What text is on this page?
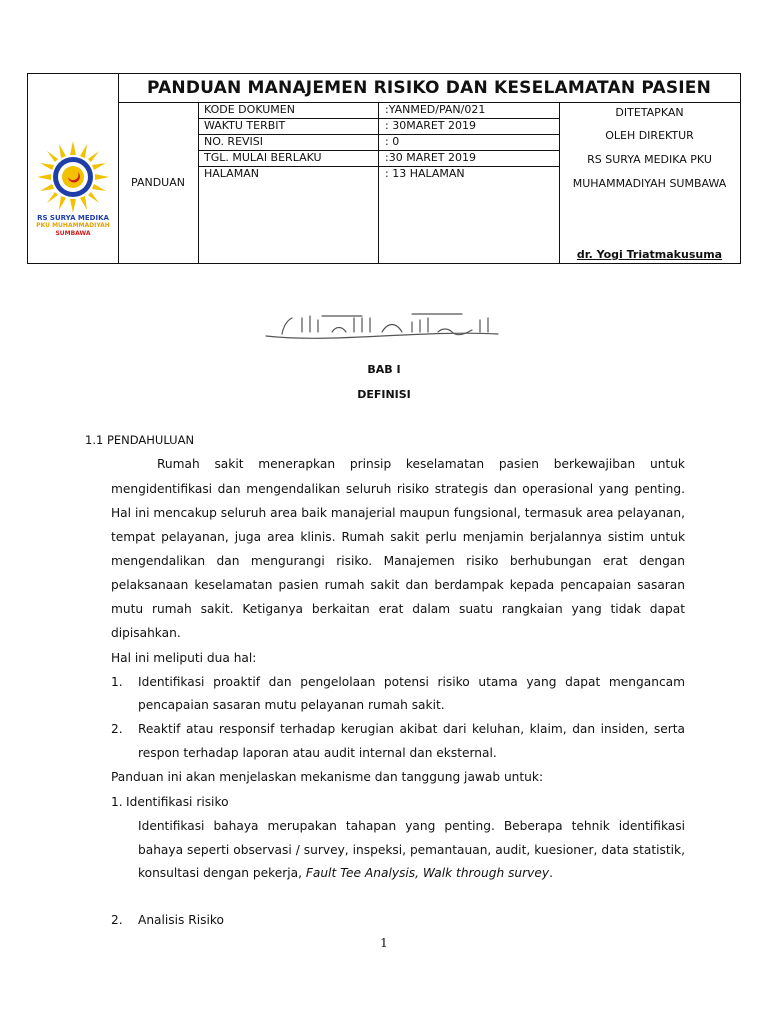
RS SURYA MEDIKA
PKU MUHAMMADIYAH
SUMBAWA
PANDUAN MANAJEMEN RISIKO DAN KESELAMATAN PASIEN
PANDUAN
KODE DOKUMEN	:YANMED/PAN/021
WAKTU TERBIT	: 30MARET 2019
NO. REVISI	: 0
TGL. MULAI BERLAKU	:30 MARET 2019
HALAMAN	: 13 HALAMAN
DITETAPKAN
OLEH DIREKTUR
RS SURYA MEDIKA PKU
MUHAMMADIYAH SUMBAWA
dr. Yogi Triatmakusuma
BAB I
DEFINISI
1.1 PENDAHULUAN
Rumah sakit menerapkan prinsip keselamatan pasien berkewajiban untuk
mengidentifikasi dan mengendalikan seluruh risiko strategis dan operasional yang penting.
Hal ini mencakup seluruh area baik manajerial maupun fungsional, termasuk area pelayanan,
tempat pelayanan, juga area klinis. Rumah sakit perlu menjamin berjalannya sistim untuk
mengendalikan dan mengurangi risiko. Manajemen risiko berhubungan erat dengan
pelaksanaan keselamatan pasien rumah sakit dan berdampak kepada pencapaian sasaran
mutu rumah sakit. Ketiganya berkaitan erat dalam suatu rangkaian yang tidak dapat
dipisahkan.
Hal ini meliputi dua hal:
1. Identifikasi proaktif dan pengelolaan potensi risiko utama yang dapat mengancam
pencapaian sasaran mutu pelayanan rumah sakit.
2. Reaktif atau responsif terhadap kerugian akibat dari keluhan, klaim, dan insiden, serta
respon terhadap laporan atau audit internal dan eksternal.
Panduan ini akan menjelaskan mekanisme dan tanggung jawab untuk:
1. Identifikasi risiko
Identifikasi bahaya merupakan tahapan yang penting. Beberapa tehnik identifikasi
bahaya seperti observasi / survey, inspeksi, pemantauan, audit, kuesioner, data statistik,
konsultasi dengan pekerja, Fault Tee Analysis, Walk through survey.
2. Analisis Risiko
1
